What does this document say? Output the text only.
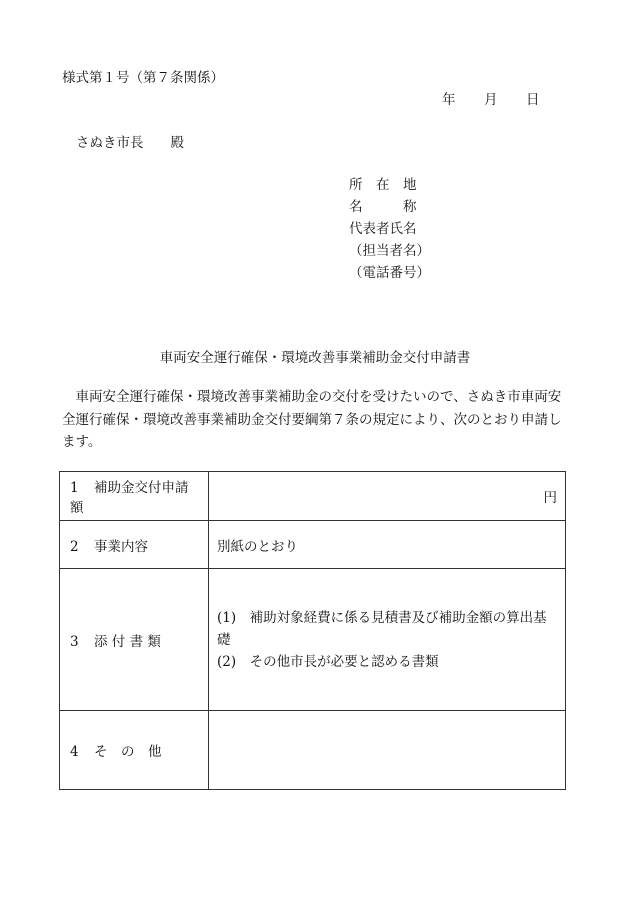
様式第１号（第７条関係）
年 月 日
さぬき市長　　殿
所　在　地
名　　　称
代表者氏名
（担当者名）
（電話番号）
車両安全運行確保・環境改善事業補助金交付申請書
車両安全運行確保・環境改善事業補助金の交付を受けたいので、さぬき市車両安全運行確保・環境改善事業補助金交付要綱第７条の規定により、次のとおり申請します。
1 補助金交付申請額	円
2 事業内容	別紙のとおり
3 添 付 書 類	(1)　補助対象経費に係る見積書及び補助金額の算出基礎
(2)　その他市長が必要と認める書類

4 そ　の　他	
